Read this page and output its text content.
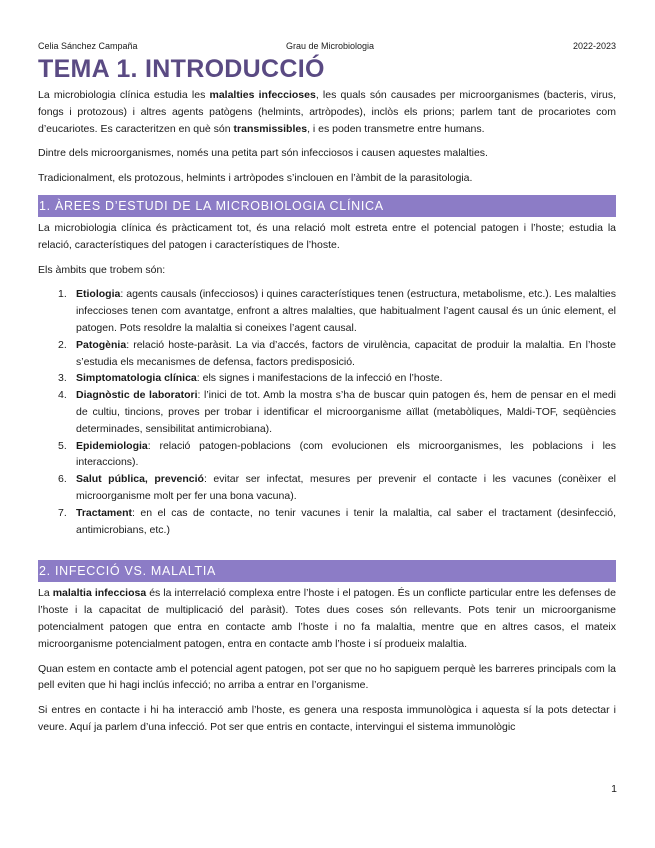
Celia Sánchez Campaña	Grau de Microbiologia	2022-2023
TEMA 1. INTRODUCCIÓ

La microbiologia clínica estudia les malalties infeccioses, les quals són causades per microorganismes (bacteris, virus, fongs i protozous) i altres agents patògens (helmints, artròpodes), inclòs els prions; parlem tant de procariotes com d’eucariotes. Es caracteritzen en què són transmissibles, i es poden transmetre entre humans.

Dintre dels microorganismes, només una petita part són infecciosos i causen aquestes malalties.

Tradicionalment, els protozous, helmints i artròpodes s’inclouen en l’àmbit de la parasitologia.

1. ÀREES D’ESTUDI DE LA MICROBIOLOGIA CLÍNICA

La microbiologia clínica és pràcticament tot, és una relació molt estreta entre el potencial patogen i l’hoste; estudia la relació, característiques del patogen i característiques de l’hoste.

Els àmbits que trobem són:

1. Etiologia: agents causals (infecciosos) i quines característiques tenen (estructura, metabolisme, etc.). Les malalties infeccioses tenen com avantatge, enfront a altres malalties, que habitualment l’agent causal és un únic element, el patogen. Pots resoldre la malaltia si coneixes l’agent causal.
2. Patogènia: relació hoste-paràsit. La via d’accés, factors de virulència, capacitat de produir la malaltia. En l’hoste s’estudia els mecanismes de defensa, factors predisposició.
3. Simptomatologia clínica: els signes i manifestacions de la infecció en l’hoste.
4. Diagnòstic de laboratori: l’inici de tot. Amb la mostra s’ha de buscar quin patogen és, hem de pensar en el medi de cultiu, tincions, proves per trobar i identificar el microorganisme aïllat (metabòliques, Maldi-TOF, seqüències determinades, sensibilitat antimicrobiana).
5. Epidemiologia: relació patogen-poblacions (com evolucionen els microorganismes, les poblacions i les interaccions).
6. Salut pública, prevenció: evitar ser infectat, mesures per prevenir el contacte i les vacunes (conèixer el microorganisme molt per fer una bona vacuna).
7. Tractament: en el cas de contacte, no tenir vacunes i tenir la malaltia, cal saber el tractament (desinfecció, antimicrobians, etc.)
2. INFECCIÓ VS. MALALTIA

La malaltia infecciosa és la interrelació complexa entre l’hoste i el patogen. És un conflicte particular entre les defenses de l’hoste i la capacitat de multiplicació del paràsit). Totes dues coses són rellevants. Pots tenir un microorganisme potencialment patogen que entra en contacte amb l’hoste i no fa malaltia, mentre que en altres casos, el mateix microorganisme potencialment patogen, entra en contacte amb l’hoste i sí produeix malaltia.

Quan estem en contacte amb el potencial agent patogen, pot ser que no ho sapiguem perquè les barreres principals com la pell eviten que hi hagi inclús infecció; no arriba a entrar en l’organisme.

Si entres en contacte i hi ha interacció amb l’hoste, es genera una resposta immunològica i aquesta sí la pots detectar i veure. Aquí ja parlem d’una infecció. Pot ser que entris en contacte, intervingui el sistema immunològic

1
